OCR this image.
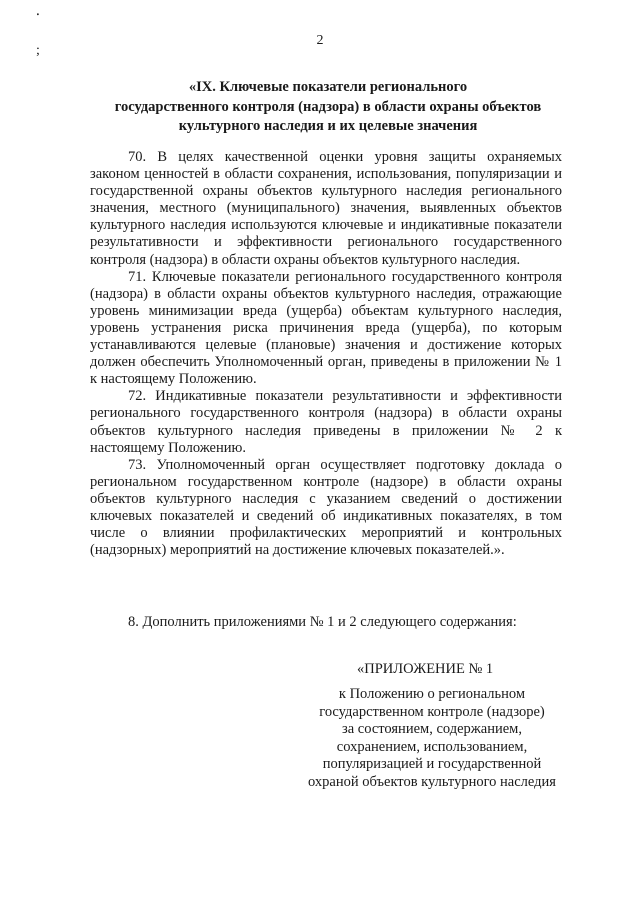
⸱
;
2
«IX. Ключевые показатели регионального
государственного контроля (надзора) в области охраны объектов
культурного наследия и их целевые значения

70. В целях качественной оценки уровня защиты охраняемых законом ценностей в области сохранения, использования, популяризации и государственной охраны объектов культурного наследия регионального значения, местного (муниципального) значения, выявленных объектов культурного наследия используются ключевые и индикативные показатели результативности и эффективности регионального государственного контроля (надзора) в области охраны объектов культурного наследия.

71. Ключевые показатели регионального государственного контроля (надзора) в области охраны объектов культурного наследия, отражающие уровень минимизации вреда (ущерба) объектам культурного наследия, уровень устранения риска причинения вреда (ущерба), по которым устанавливаются целевые (плановые) значения и достижение которых должен обеспечить Уполномоченный орган, приведены в приложении № 1 к настоящему Положению.

72. Индикативные показатели результативности и эффективности регионального государственного контроля (надзора) в области охраны объектов культурного наследия приведены в приложении № 2 к настоящему Положению.

73. Уполномоченный орган осуществляет подготовку доклада о региональном государственном контроле (надзоре) в области охраны объектов культурного наследия с указанием сведений о достижении ключевых показателей и сведений об индикативных показателях, в том числе о влиянии профилактических мероприятий и контрольных (надзорных) мероприятий на достижение ключевых показателей.».

8. Дополнить приложениями № 1 и 2 следующего содержания:
«ПРИЛОЖЕНИЕ № 1
к Положению о региональном
государственном контроле (надзоре)
за состоянием, содержанием,
сохранением, использованием,
популяризацией и государственной
охраной объектов культурного наследия
